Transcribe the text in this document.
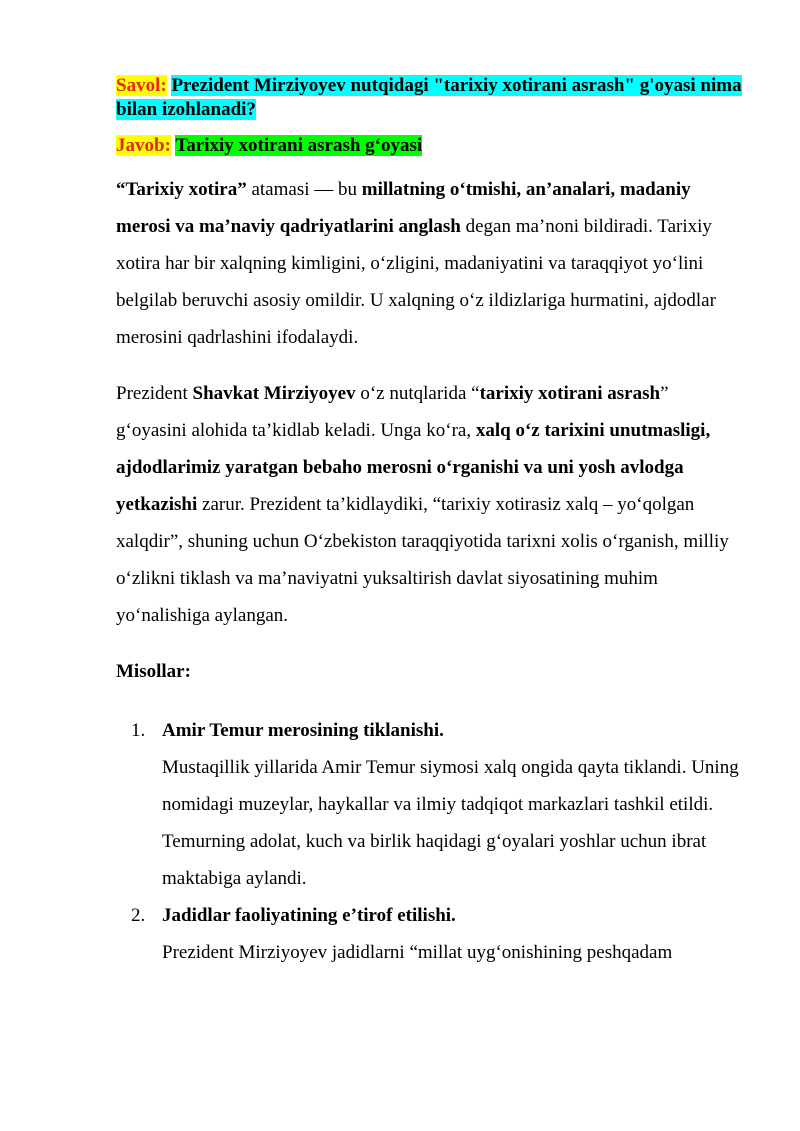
Savol: Prezident Mirziyoyev nutqidagi "tarixiy xotirani asrash" g'oyasi nima bilan izohlanadi?
Javob: Tarixiy xotirani asrash g‘oyasi

“Tarixiy xotira” atamasi — bu millatning o‘tmishi, an’analari, madaniy merosi va ma’naviy qadriyatlarini anglash degan ma’noni bildiradi. Tarixiy xotira har bir xalqning kimligini, o‘zligini, madaniyatini va taraqqiyot yo‘lini belgilab beruvchi asosiy omildir. U xalqning o‘z ildizlariga hurmatini, ajdodlar merosini qadrlashini ifodalaydi.

Prezident Shavkat Mirziyoyev o‘z nutqlarida “tarixiy xotirani asrash” g‘oyasini alohida ta’kidlab keladi. Unga ko‘ra, xalq o‘z tarixini unutmasligi, ajdodlarimiz yaratgan bebaho merosni o‘rganishi va uni yosh avlodga yetkazishi zarur. Prezident ta’kidlaydiki, “tarixiy xotirasiz xalq – yo‘qolgan xalqdir”, shuning uchun O‘zbekiston taraqqiyotida tarixni xolis o‘rganish, milliy o‘zlikni tiklash va ma’naviyatni yuksaltirish davlat siyosatining muhim yo‘nalishiga aylangan.

Misollar:
1. Amir Temur merosining tiklanishi.
Mustaqillik yillarida Amir Temur siymosi xalq ongida qayta tiklandi. Uning nomidagi muzeylar, haykallar va ilmiy tadqiqot markazlari tashkil etildi. Temurning adolat, kuch va birlik haqidagi g‘oyalari yoshlar uchun ibrat maktabiga aylandi.
2. Jadidlar faoliyatining e’tirof etilishi.
Prezident Mirziyoyev jadidlarni “millat uyg‘onishining peshqadam
